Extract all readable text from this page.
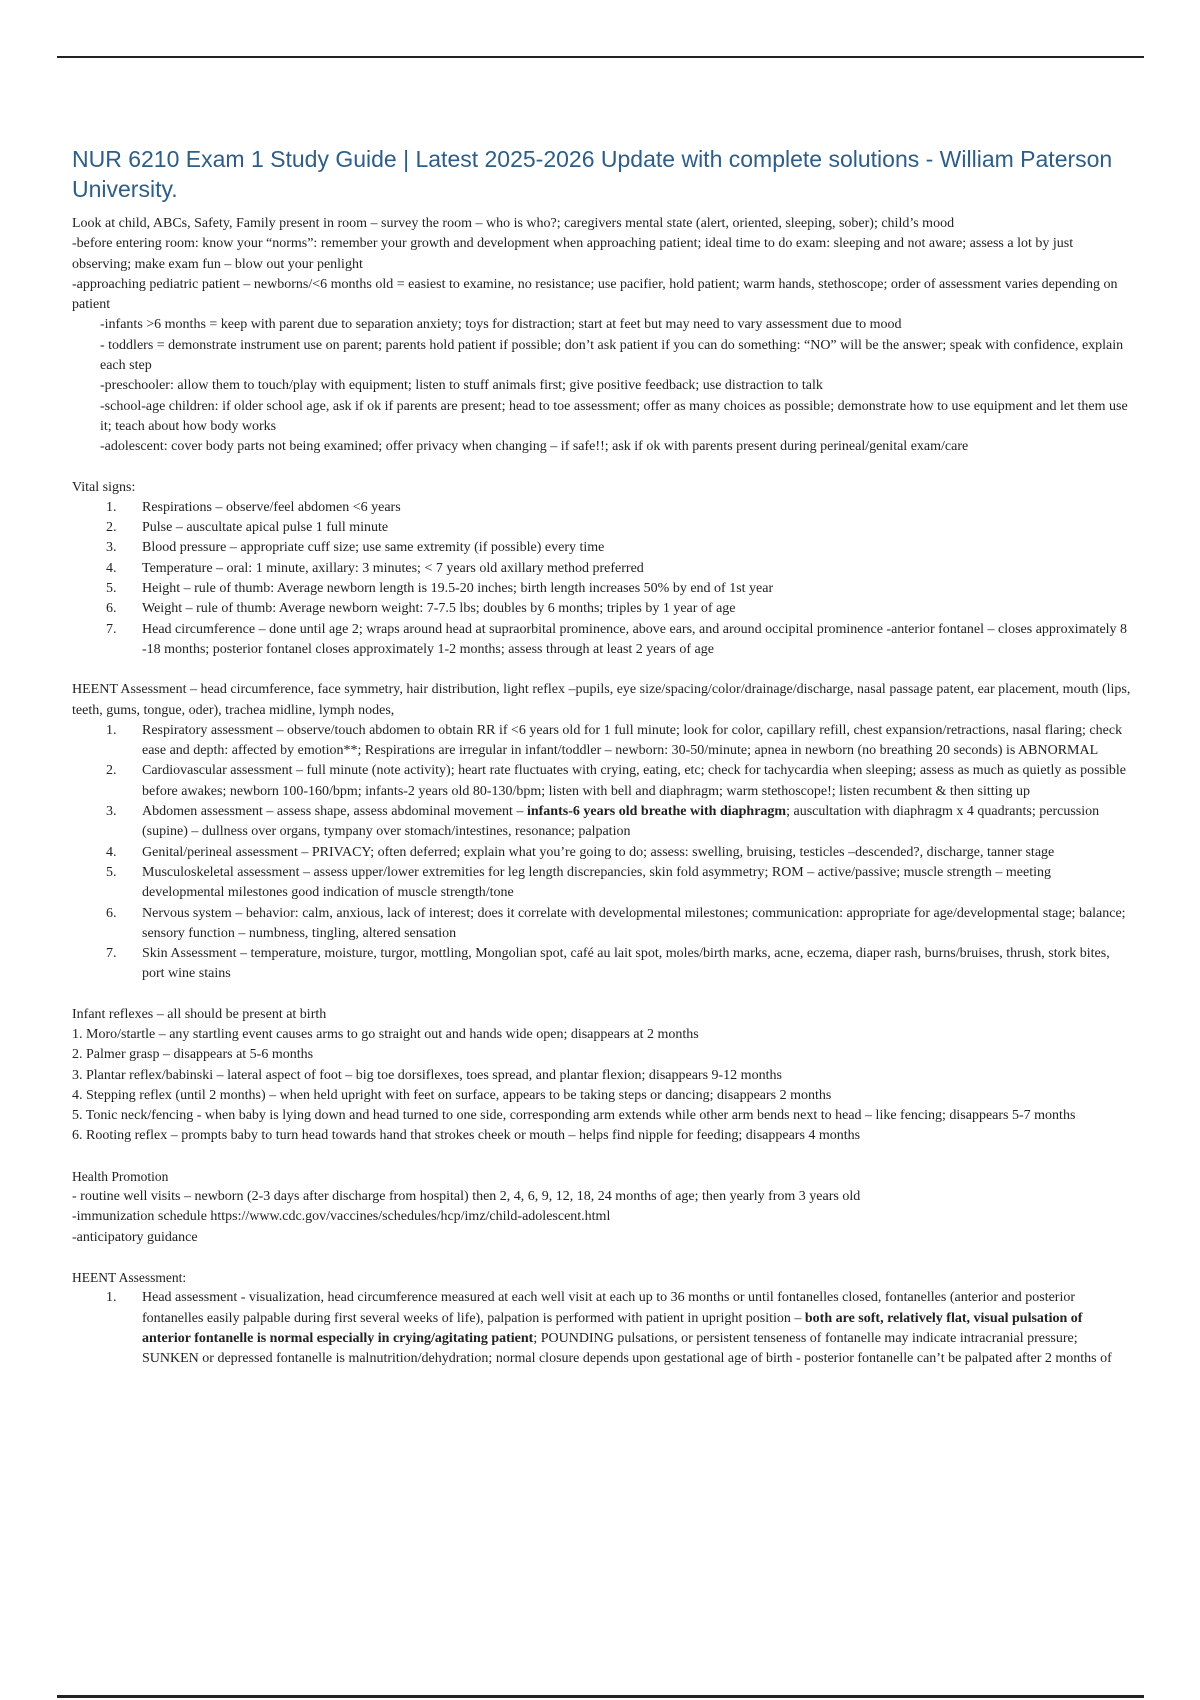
NUR 6210 Exam 1 Study Guide | Latest 2025-2026 Update with complete solutions - William Paterson University.

Look at child, ABCs, Safety, Family present in room – survey the room – who is who?; caregivers mental state (alert, oriented, sleeping, sober); child’s mood

-before entering room: know your “norms”: remember your growth and development when approaching patient; ideal time to do exam: sleeping and not aware; assess a lot by just observing; make exam fun – blow out your penlight

-approaching pediatric patient – newborns/<6 months old = easiest to examine, no resistance; use pacifier, hold patient; warm hands, stethoscope; order of assessment varies depending on patient

-infants >6 months = keep with parent due to separation anxiety; toys for distraction; start at feet but may need to vary assessment due to mood

- toddlers = demonstrate instrument use on parent; parents hold patient if possible; don’t ask patient if you can do something: “NO” will be the answer; speak with confidence, explain each step

-preschooler: allow them to touch/play with equipment; listen to stuff animals first; give positive feedback; use distraction to talk

-school-age children: if older school age, ask if ok if parents are present; head to toe assessment; offer as many choices as possible; demonstrate how to use equipment and let them use it; teach about how body works

-adolescent: cover body parts not being examined; offer privacy when changing – if safe!!; ask if ok with parents present during perineal/genital exam/care

Vital signs:

1. Respirations – observe/feel abdomen <6 years
2. Pulse – auscultate apical pulse 1 full minute
3. Blood pressure – appropriate cuff size; use same extremity (if possible) every time
4. Temperature – oral: 1 minute, axillary: 3 minutes; < 7 years old axillary method preferred
5. Height – rule of thumb: Average newborn length is 19.5-20 inches; birth length increases 50% by end of 1st year
6. Weight – rule of thumb: Average newborn weight: 7-7.5 lbs; doubles by 6 months; triples by 1 year of age
7. Head circumference – done until age 2; wraps around head at supraorbital prominence, above ears, and around occipital prominence -anterior fontanel – closes approximately 8 -18 months; posterior fontanel closes approximately 1-2 months; assess through at least 2 years of age

HEENT Assessment – head circumference, face symmetry, hair distribution, light reflex –pupils, eye size/spacing/color/drainage/discharge, nasal passage patent, ear placement, mouth (lips, teeth, gums, tongue, oder), trachea midline, lymph nodes,

1. Respiratory assessment – observe/touch abdomen to obtain RR if <6 years old for 1 full minute; look for color, capillary refill, chest expansion/retractions, nasal flaring; check ease and depth: affected by emotion**; Respirations are irregular in infant/toddler – newborn: 30-50/minute; apnea in newborn (no breathing 20 seconds) is ABNORMAL
2. Cardiovascular assessment – full minute (note activity); heart rate fluctuates with crying, eating, etc; check for tachycardia when sleeping; assess as much as quietly as possible before awakes; newborn 100-160/bpm; infants-2 years old 80-130/bpm; listen with bell and diaphragm; warm stethoscope!; listen recumbent & then sitting up
3. Abdomen assessment – assess shape, assess abdominal movement – infants-6 years old breathe with diaphragm; auscultation with diaphragm x 4 quadrants; percussion (supine) – dullness over organs, tympany over stomach/intestines, resonance; palpation
4. Genital/perineal assessment – PRIVACY; often deferred; explain what you’re going to do; assess: swelling, bruising, testicles –descended?, discharge, tanner stage
5. Musculoskeletal assessment – assess upper/lower extremities for leg length discrepancies, skin fold asymmetry; ROM – active/passive; muscle strength – meeting developmental milestones good indication of muscle strength/tone
6. Nervous system – behavior: calm, anxious, lack of interest; does it correlate with developmental milestones; communication: appropriate for age/developmental stage; balance; sensory function – numbness, tingling, altered sensation
7. Skin Assessment – temperature, moisture, turgor, mottling, Mongolian spot, café au lait spot, moles/birth marks, acne, eczema, diaper rash, burns/bruises, thrush, stork bites, port wine stains

Infant reflexes – all should be present at birth

1. Moro/startle – any startling event causes arms to go straight out and hands wide open; disappears at 2 months

2. Palmer grasp – disappears at 5-6 months

3. Plantar reflex/babinski – lateral aspect of foot – big toe dorsiflexes, toes spread, and plantar flexion; disappears 9-12 months

4. Stepping reflex (until 2 months) – when held upright with feet on surface, appears to be taking steps or dancing; disappears 2 months

5. Tonic neck/fencing - when baby is lying down and head turned to one side, corresponding arm extends while other arm bends next to head – like fencing; disappears 5-7 months

6. Rooting reflex – prompts baby to turn head towards hand that strokes cheek or mouth – helps find nipple for feeding; disappears 4 months

Health Promotion

- routine well visits – newborn (2-3 days after discharge from hospital) then 2, 4, 6, 9, 12, 18, 24 months of age; then yearly from 3 years old

-immunization schedule https://www.cdc.gov/vaccines/schedules/hcp/imz/child-adolescent.html

-anticipatory guidance

HEENT Assessment:

1. Head assessment - visualization, head circumference measured at each well visit at each up to 36 months or until fontanelles closed, fontanelles (anterior and posterior fontanelles easily palpable during first several weeks of life), palpation is performed with patient in upright position – both are soft, relatively flat, visual pulsation of anterior fontanelle is normal especially in crying/agitating patient; POUNDING pulsations, or persistent tenseness of fontanelle may indicate intracranial pressure; SUNKEN or depressed fontanelle is malnutrition/dehydration; normal closure depends upon gestational age of birth - posterior fontanelle can’t be palpated after 2 months of
